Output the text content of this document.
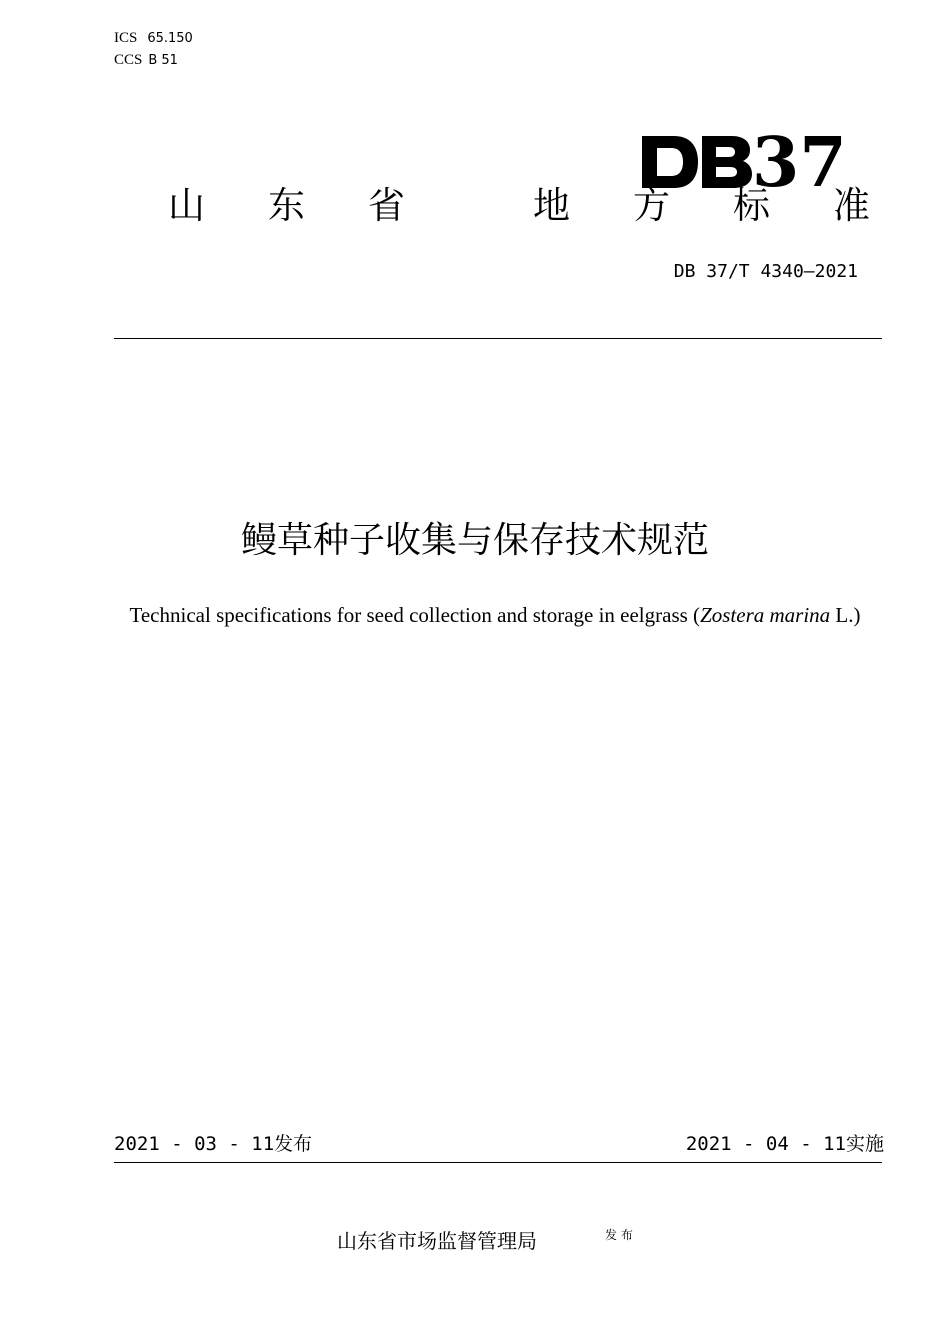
ICS 65.150
CCS B 51
37
山 东 省	地 方 标 准
DB 37/T 4340—2021
鳗草种子收集与保存技术规范
Technical specifications for seed collection and storage in eelgrass (Zostera marina L.)
2021 - 03 - 11发布	2021 - 04 - 11实施
山东省市场监督管理局	发 布
